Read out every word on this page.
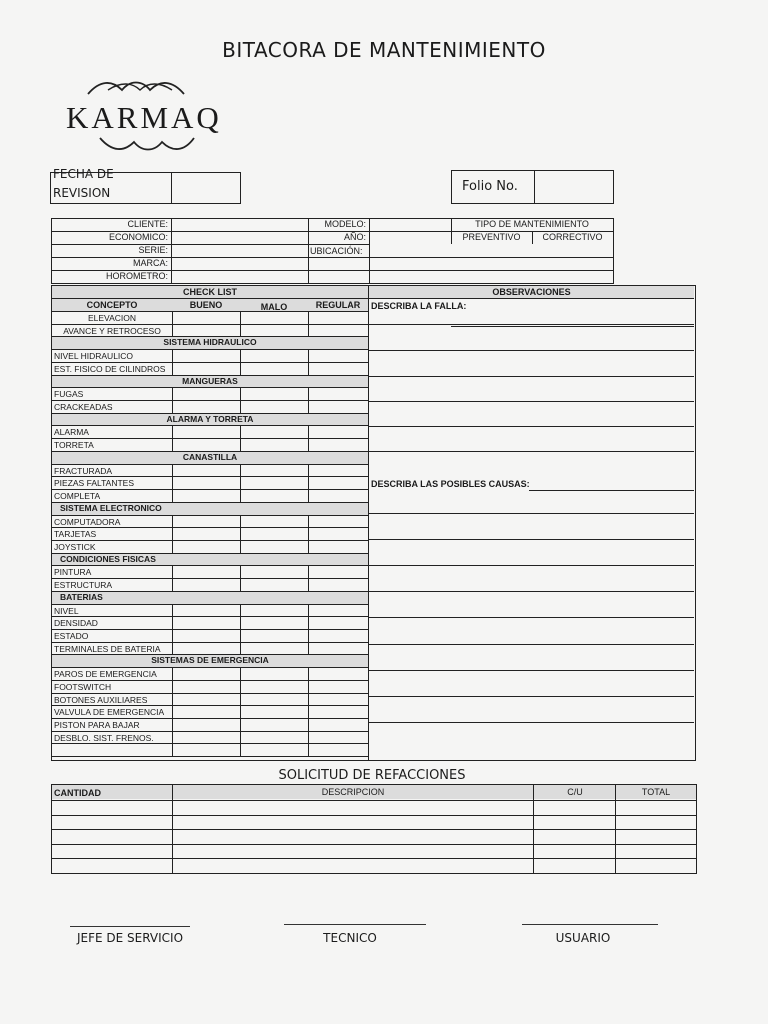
BITACORA DE MANTENIMIENTO
KARMAQ
FECHA DE
REVISION	Folio No.
CLIENTE:
ECONOMICO:
SERIE:
MARCA:
HOROMETRO:
MODELO:
AÑO:
UBICACIÓN:
TIPO DE MANTENIMIENTO
PREVENTIVO	CORRECTIVO
CHECK LIST
CONCEPTO	BUENO	MALO	REGULAR
ELEVACION
AVANCE Y RETROCESO
SISTEMA HIDRAULICO
NIVEL HIDRAULICO
EST. FISICO DE CILINDROS
MANGUERAS
FUGAS
CRACKEADAS
ALARMA Y TORRETA
ALARMA
TORRETA
CANASTILLA
FRACTURADA
PIEZAS FALTANTES
COMPLETA
SISTEMA ELECTRONICO
COMPUTADORA
TARJETAS
JOYSTICK
CONDICIONES FISICAS
PINTURA
ESTRUCTURA
BATERIAS
NIVEL
DENSIDAD
ESTADO
TERMINALES DE BATERIA
SISTEMAS DE EMERGENCIA
PAROS DE EMERGENCIA
FOOTSWITCH
BOTONES AUXILIARES
VALVULA DE EMERGENCIA
PISTON PARA BAJAR
DESBLO. SIST. FRENOS.
OBSERVACIONES
DESCRIBA LA FALLA:
DESCRIBA LAS POSIBLES CAUSAS:
SOLICITUD DE REFACCIONES
CANTIDAD	DESCRIPCION	C/U	TOTAL
JEFE DE SERVICIO	TECNICO	USUARIO
